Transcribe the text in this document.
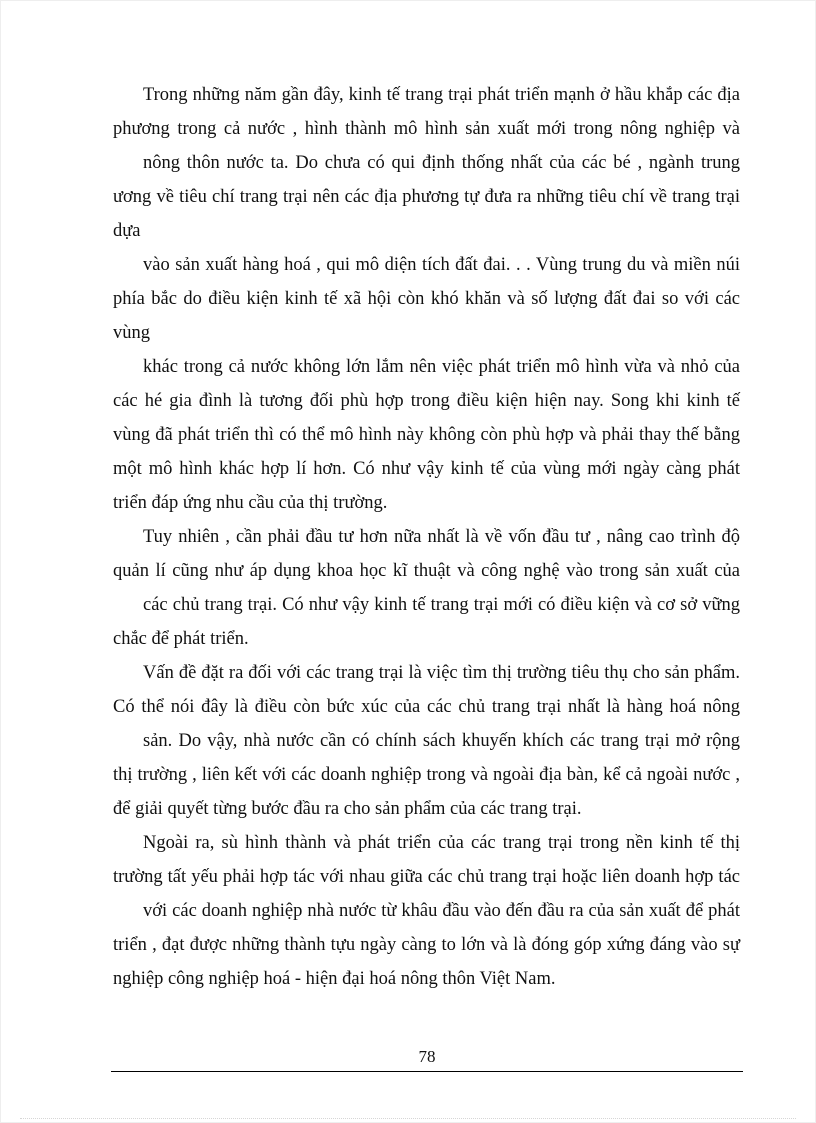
Trong những năm gần đây, kinh tế trang trại phát triển mạnh ở hầu khắp các địa
phương trong cả nước , hình thành mô hình sản xuất mới trong nông nghiệp và
nông thôn nước ta. Do chưa có qui định thống nhất của các bé , ngành trung
ương về tiêu chí trang trại nên các địa phương tự đưa ra những tiêu chí về trang trại
dựa
vào sản xuất hàng hoá , qui mô diện tích đất đai. . . Vùng trung du và miền núi
phía bắc do điều kiện kinh tế xã hội còn khó khăn và số lượng đất đai so với các
vùng
khác trong cả nước không lớn lắm nên việc phát triển mô hình vừa và nhỏ của
các hé gia đình là tương đối phù hợp trong điều kiện hiện nay. Song khi kinh tế
vùng đã phát triển thì có thể mô hình này không còn phù hợp và phải thay thế bằng
một mô hình khác hợp lí hơn. Có như vậy kinh tế của vùng mới ngày càng phát
triển đáp ứng nhu cầu của thị trường.
Tuy nhiên , cần phải đầu tư hơn nữa nhất là về vốn đầu tư , nâng cao trình độ
quản lí cũng như áp dụng khoa học kĩ thuật và công nghệ vào trong sản xuất của
các chủ trang trại. Có như vậy kinh tế trang trại mới có điều kiện và cơ sở vững
chắc để phát triển.
Vấn đề đặt ra đối với các trang trại là việc tìm thị trường tiêu thụ cho sản phẩm.
Có thể nói đây là điều còn bức xúc của các chủ trang trại nhất là hàng hoá nông
sản. Do vậy, nhà nước cần có chính sách khuyến khích các trang trại mở rộng
thị trường , liên kết với các doanh nghiệp trong và ngoài địa bàn, kể cả ngoài nước ,
để giải quyết từng bước đầu ra cho sản phẩm của các trang trại.
Ngoài ra, sù hình thành và phát triển của các trang trại trong nền kinh tế thị
trường tất yếu phải hợp tác với nhau giữa các chủ trang trại hoặc liên doanh hợp tác
với các doanh nghiệp nhà nước từ khâu đầu vào đến đầu ra của sản xuất để phát
triển , đạt được những thành tựu ngày càng to lớn và là đóng góp xứng đáng vào sự
nghiệp công nghiệp hoá - hiện đại hoá nông thôn Việt Nam.
78
